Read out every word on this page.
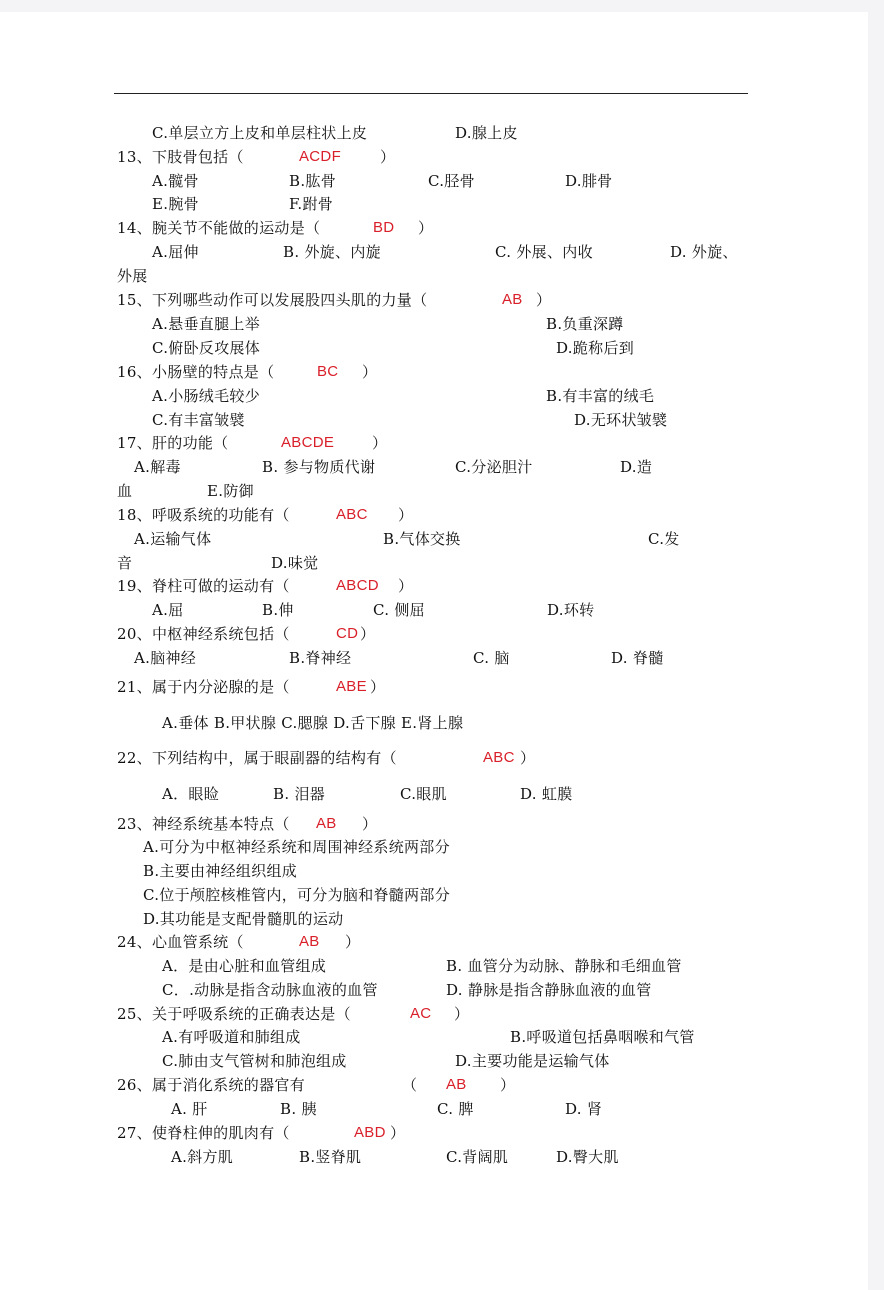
C.单层立方上皮和单层柱状上皮	D.腺上皮
13、下肢骨包括（	ACDF	）
A.髋骨	B.肱骨	C.胫骨	D.腓骨
E.腕骨	F.跗骨
14、腕关节不能做的运动是（	BD ）
A.屈伸	B. 外旋、内旋	C. 外展、内收	D. 外旋、
外展
15、下列哪些动作可以发展股四头肌的力量（	AB ）
A.悬垂直腿上举	B.负重深蹲
C.俯卧反攻展体	D.跪称后到
16、小肠壁的特点是（	BC ）
A.小肠绒毛较少	B.有丰富的绒毛
C.有丰富皱襞	D.无环状皱襞
17、肝的功能（	ABCDE	）
A.解毒	B. 参与物质代谢	C.分泌胆汁	D.造
血	E.防御
18、呼吸系统的功能有（	ABC ）
A.运输气体	B.气体交换	C.发
音	D.味觉
19、脊柱可做的运动有（	ABCD ）
A.屈	B.伸	C. 侧屈	D.环转
20、中枢神经系统包括（	CD ）
A.脑神经	B.脊神经	C. 脑	D. 脊髓
21、属于内分泌腺的是（	ABE ）
A.垂体 B.甲状腺 C.腮腺 D.舌下腺 E.肾上腺
22、下列结构中，属于眼副器的结构有（	ABC ）
A．眼睑	B. 泪器	C.眼肌	D. 虹膜
23、神经系统基本特点（ AB ）
A.可分为中枢神经系统和周围神经系统两部分
B.主要由神经组织组成
C.位于颅腔核椎管内，可分为脑和脊髓两部分
D.其功能是支配骨髓肌的运动
24、心血管系统（	AB ）
A．是由心脏和血管组成	B. 血管分为动脉、静脉和毛细血管
C．.动脉是指含动脉血液的血管	D. 静脉是指含静脉血液的血管
25、关于呼吸系统的正确表达是（	AC ）
A.有呼吸道和肺组成	B.呼吸道包括鼻咽喉和气管
C.肺由支气管树和肺泡组成	D.主要功能是运输气体
26、属于消化系统的器官有	（ AB ）
A. 肝	B. 胰	C. 脾	D. 肾
27、使脊柱伸的肌肉有（	ABD ）
A.斜方肌	B.竖脊肌	C.背阔肌	D.臀大肌
